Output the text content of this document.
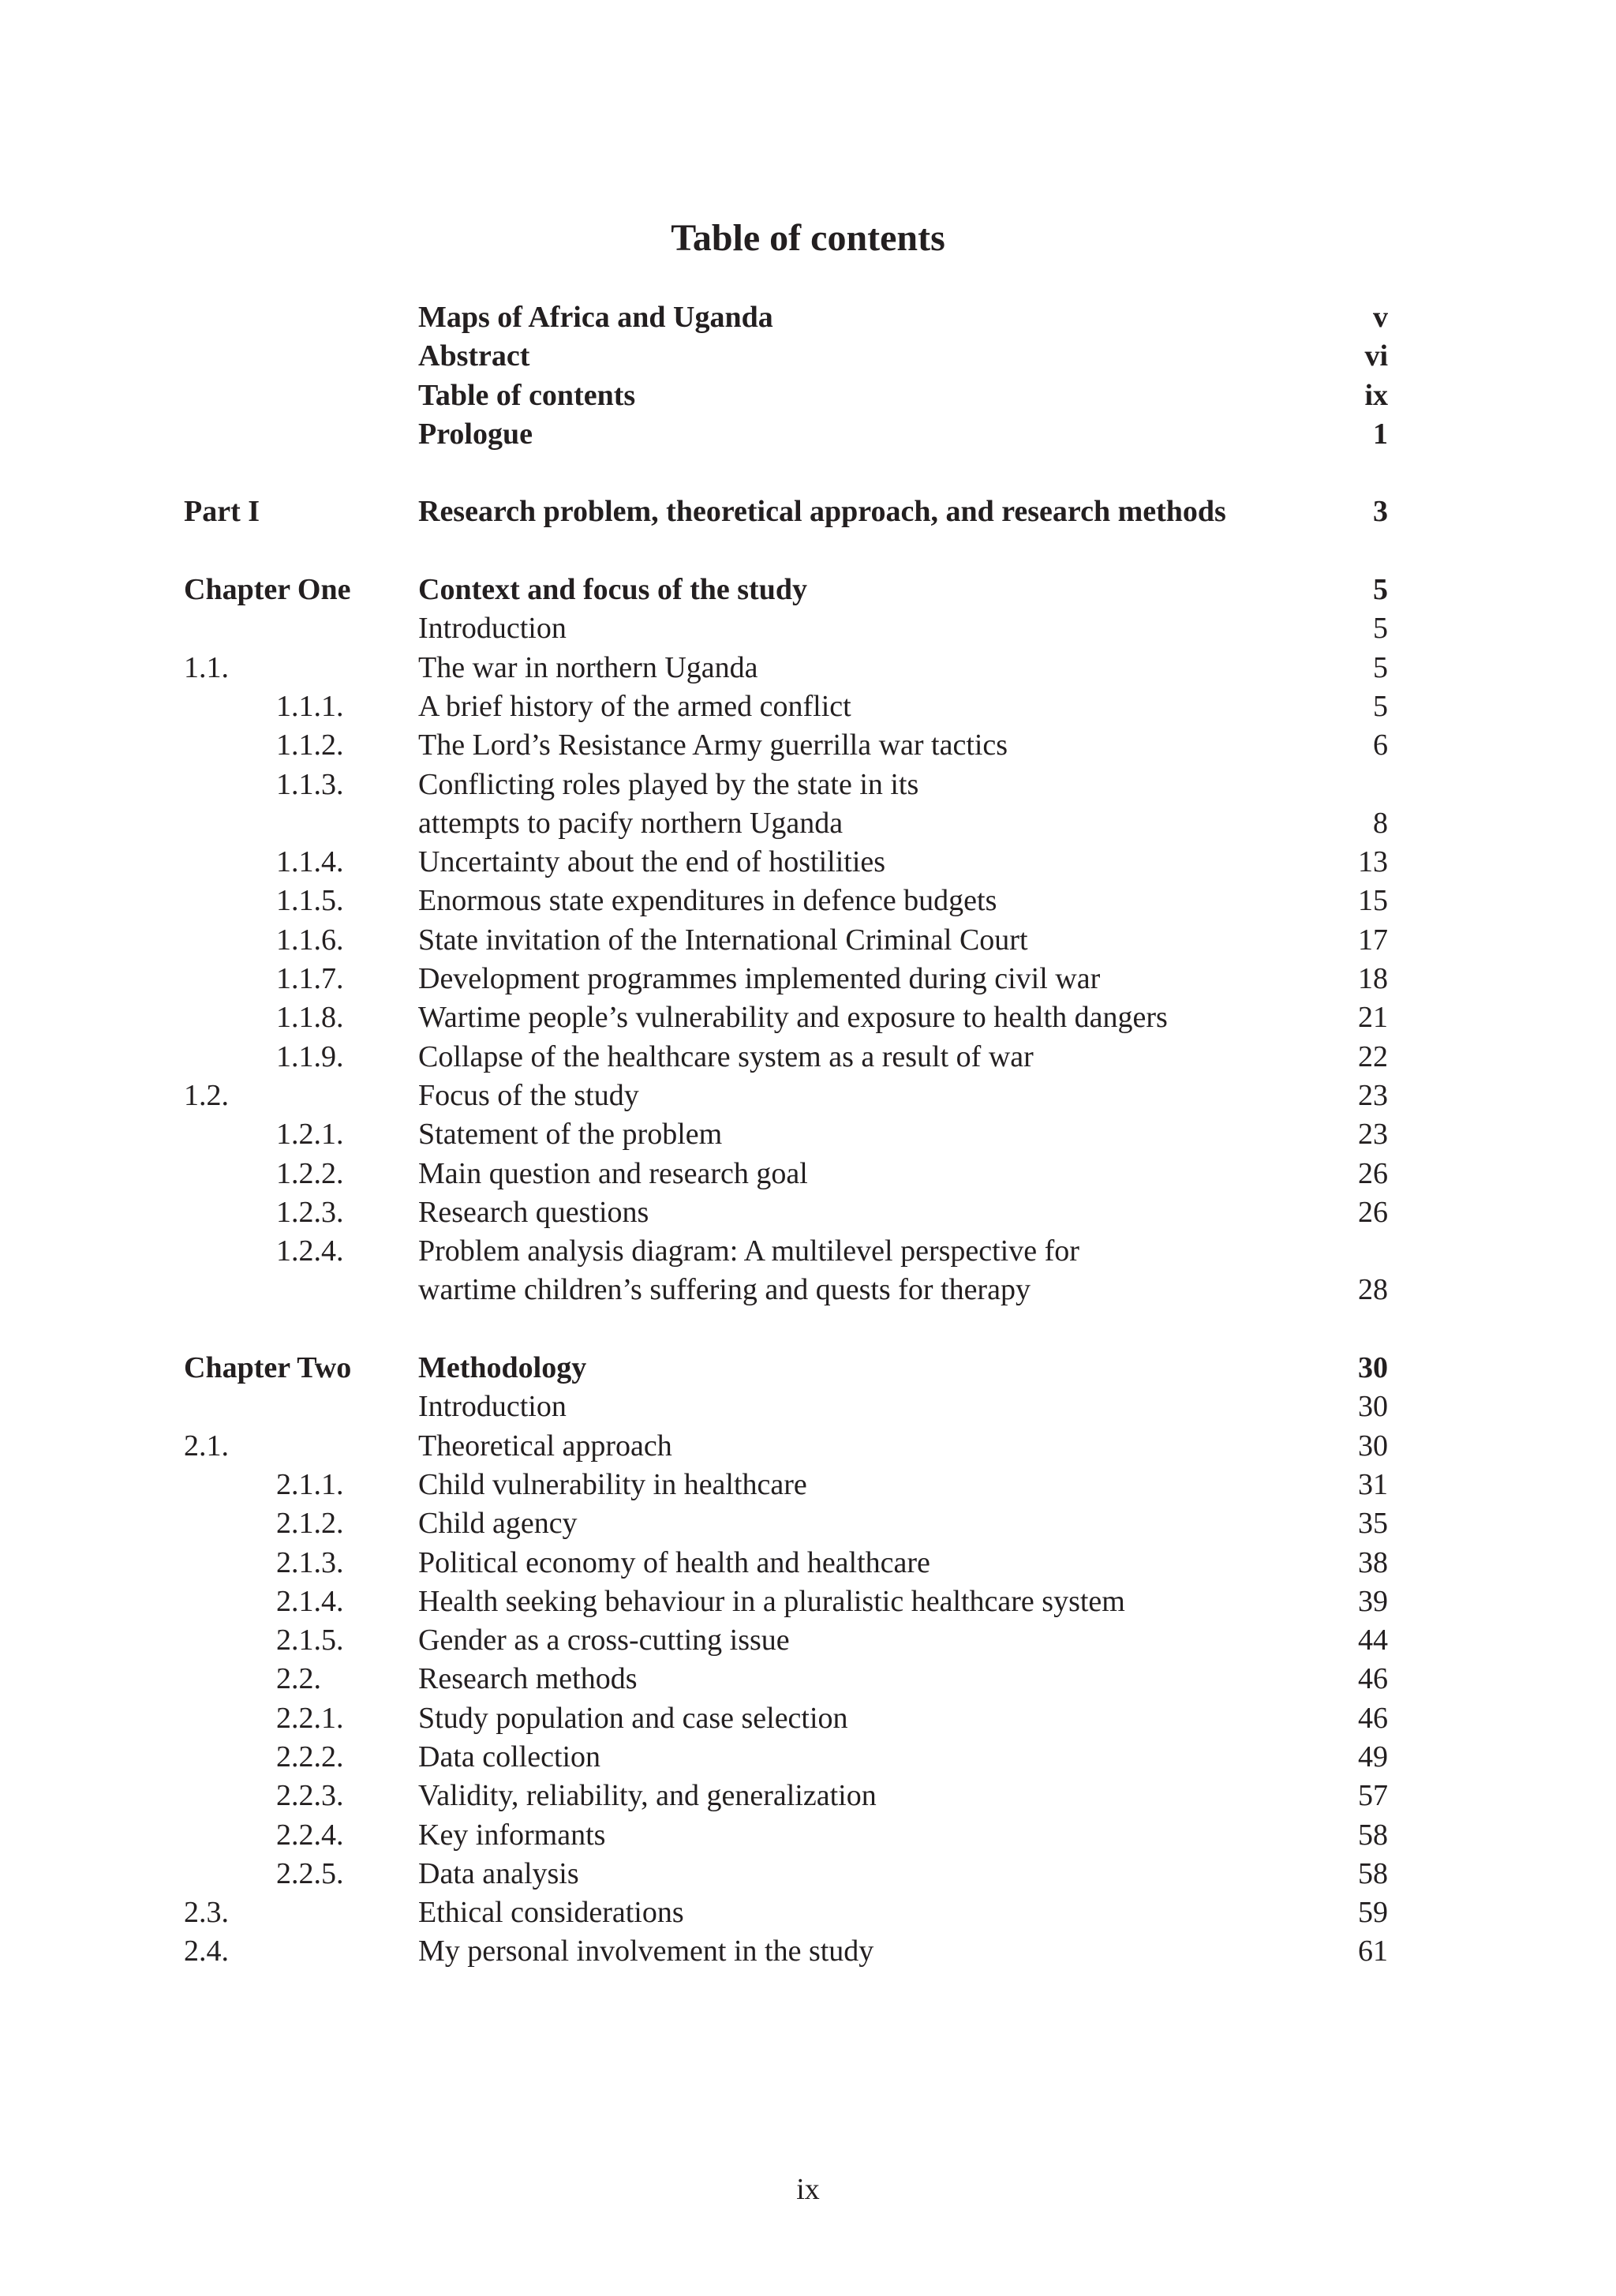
Table of contents
Maps of Africa and Uganda	v
Abstract	vi
Table of contents	ix
Prologue	1
Part I	Research problem, theoretical approach, and research methods	3
Chapter One Context and focus of the study	5
Introduction	5
1.1.	The war in northern Uganda	5
1.1.1. A brief history of the armed conflict	5
1.1.2. The Lord’s Resistance Army guerrilla war tactics	6
1.1.3. Conflicting roles played by the state in its
attempts to pacify northern Uganda	8
1.1.4. Uncertainty about the end of hostilities	13
1.1.5. Enormous state expenditures in defence budgets	15
1.1.6. State invitation of the International Criminal Court	17
1.1.7. Development programmes implemented during civil war	18
1.1.8. Wartime people’s vulnerability and exposure to health dangers	21
1.1.9. Collapse of the healthcare system as a result of war	22
1.2.	Focus of the study	23
1.2.1. Statement of the problem	23
1.2.2. Main question and research goal	26
1.2.3. Research questions	26
1.2.4. Problem analysis diagram: A multilevel perspective for
wartime children’s suffering and quests for therapy	28
Chapter Two Methodology	30
Introduction	30
2.1.	Theoretical approach	30
2.1.1. Child vulnerability in healthcare	31
2.1.2. Child agency	35
2.1.3. Political economy of health and healthcare	38
2.1.4. Health seeking behaviour in a pluralistic healthcare system	39
2.1.5. Gender as a cross-cutting issue	44
2.2.	Research methods	46
2.2.1. Study population and case selection	46
2.2.2. Data collection	49
2.2.3. Validity, reliability, and generalization	57
2.2.4. Key informants	58
2.2.5. Data analysis	58
2.3.	Ethical considerations	59
2.4.	My personal involvement in the study	61
ix
